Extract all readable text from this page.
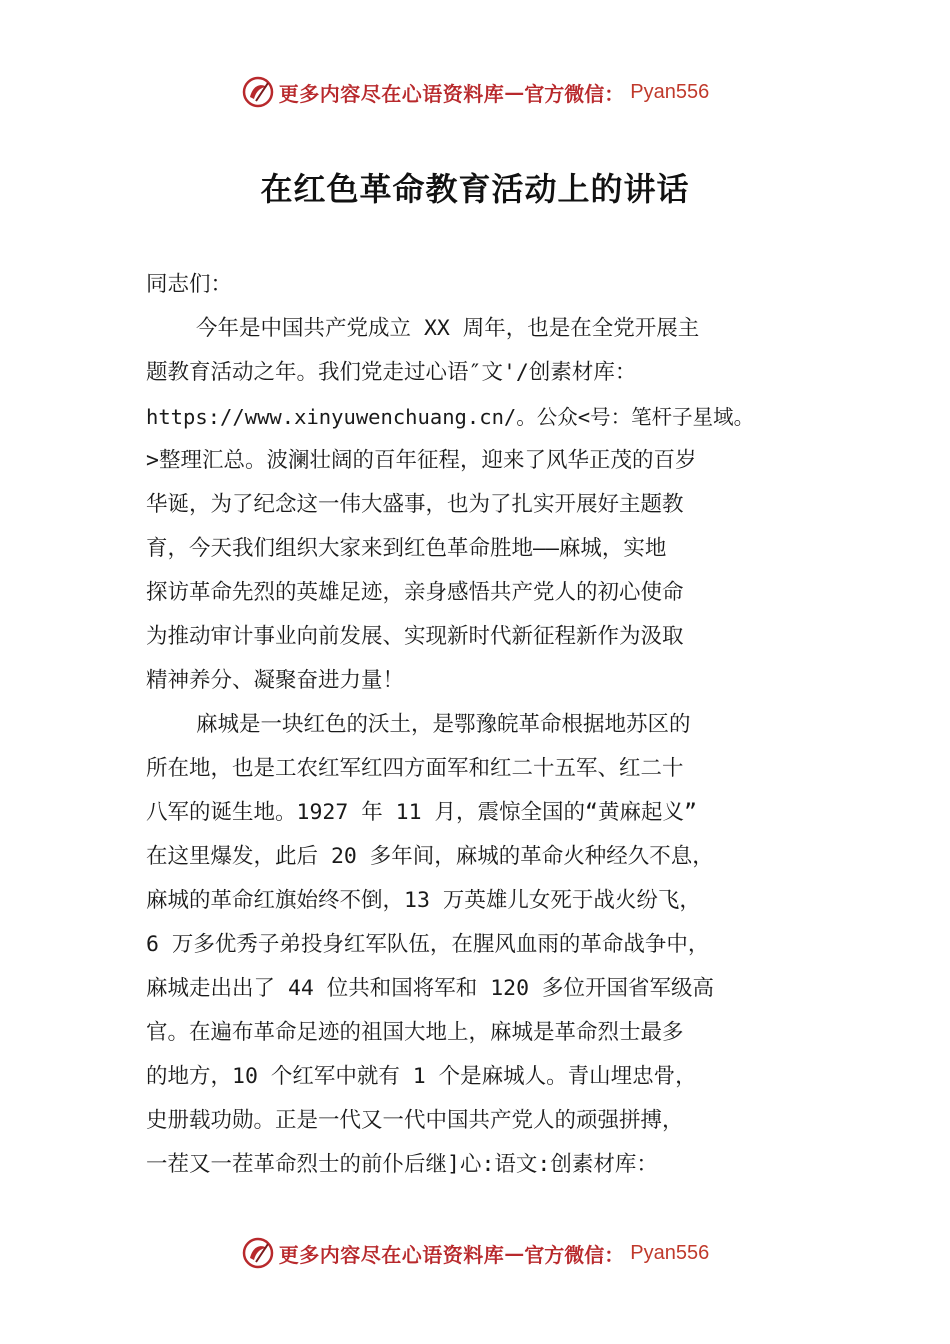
更多内容尽在心语资料库 — 官方微信： Pyan556
在红色革命教育活动上的讲话

同志们：

今年是中国共产党成立 XX 周年，也是在全党开展主

题教育活动之年。我们党走过心语″文'/创素材库：

https://www.xinyuwenchuang.cn/。公众<号：笔杆子星域。

>整理汇总。波澜壮阔的百年征程，迎来了风华正茂的百岁

华诞，为了纪念这一伟大盛事，也为了扎实开展好主题教

育，今天我们组织大家来到红色革命胜地——麻城，实地

探访革命先烈的英雄足迹，亲身感悟共产党人的初心使命

为推动审计事业向前发展、实现新时代新征程新作为汲取

精神养分、凝聚奋进力量！

麻城是一块红色的沃土，是鄂豫皖革命根据地苏区的

所在地，也是工农红军红四方面军和红二十五军、红二十

八军的诞生地。1927 年 11 月，震惊全国的“黄麻起义”

在这里爆发，此后 20 多年间，麻城的革命火种经久不息，

麻城的革命红旗始终不倒，13 万英雄儿女死于战火纷飞，

6 万多优秀子弟投身红军队伍，在腥风血雨的革命战争中，

麻城走出出了 44 位共和国将军和 120 多位开国省军级高

官。在遍布革命足迹的祖国大地上，麻城是革命烈士最多

的地方，10 个红军中就有 1 个是麻城人。青山埋忠骨，

史册载功勋。正是一代又一代中国共产党人的顽强拼搏，

一茬又一茬革命烈士的前仆后继]心:语文:创素材库：

更多内容尽在心语资料库 — 官方微信： Pyan556
